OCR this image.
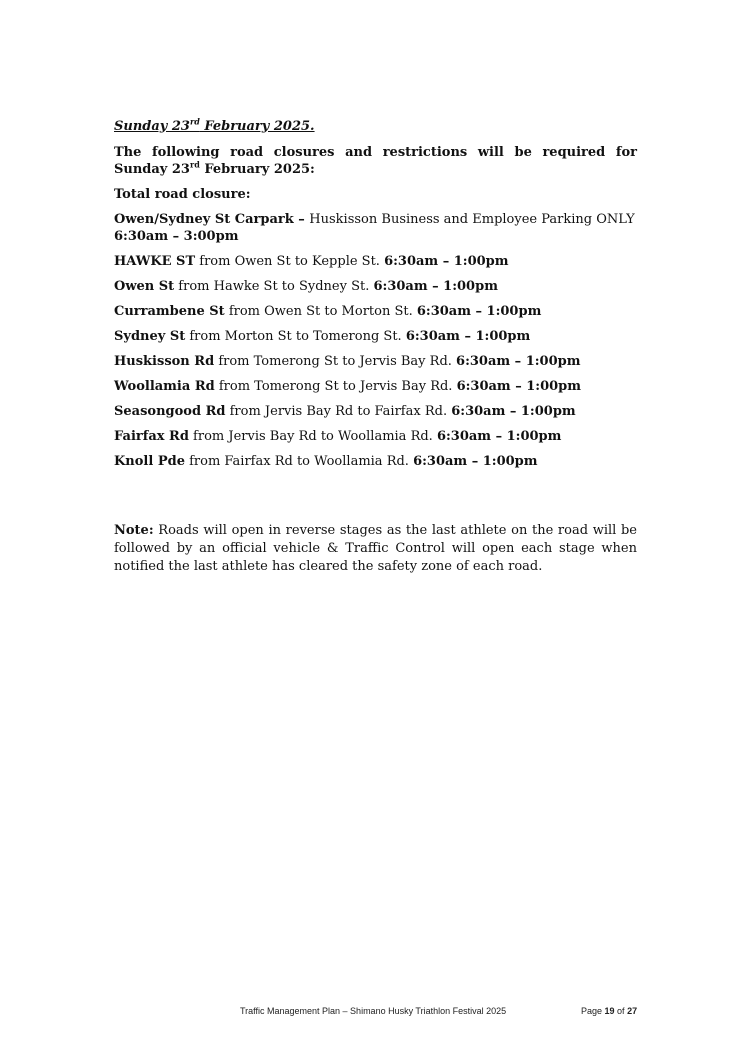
Sunday 23rd February 2025.
The following road closures and restrictions will be required for Sunday 23rd February 2025:
Total road closure:
Owen/Sydney St Carpark – Huskisson Business and Employee Parking ONLY
6:30am – 3:00pm
HAWKE ST from Owen St to Kepple St. 6:30am – 1:00pm
Owen St from Hawke St to Sydney St. 6:30am – 1:00pm
Currambene St from Owen St to Morton St. 6:30am – 1:00pm
Sydney St from Morton St to Tomerong St. 6:30am – 1:00pm
Huskisson Rd from Tomerong St to Jervis Bay Rd. 6:30am – 1:00pm
Woollamia Rd from Tomerong St to Jervis Bay Rd. 6:30am – 1:00pm
Seasongood Rd from Jervis Bay Rd to Fairfax Rd. 6:30am – 1:00pm
Fairfax Rd from Jervis Bay Rd to Woollamia Rd. 6:30am – 1:00pm
Knoll Pde from Fairfax Rd to Woollamia Rd. 6:30am – 1:00pm
Note: Roads will open in reverse stages as the last athlete on the road will be followed by an official vehicle & Traffic Control will open each stage when notified the last athlete has cleared the safety zone of each road.
Traffic Management Plan – Shimano Husky Triathlon Festival 2025	Page 19 of 27
